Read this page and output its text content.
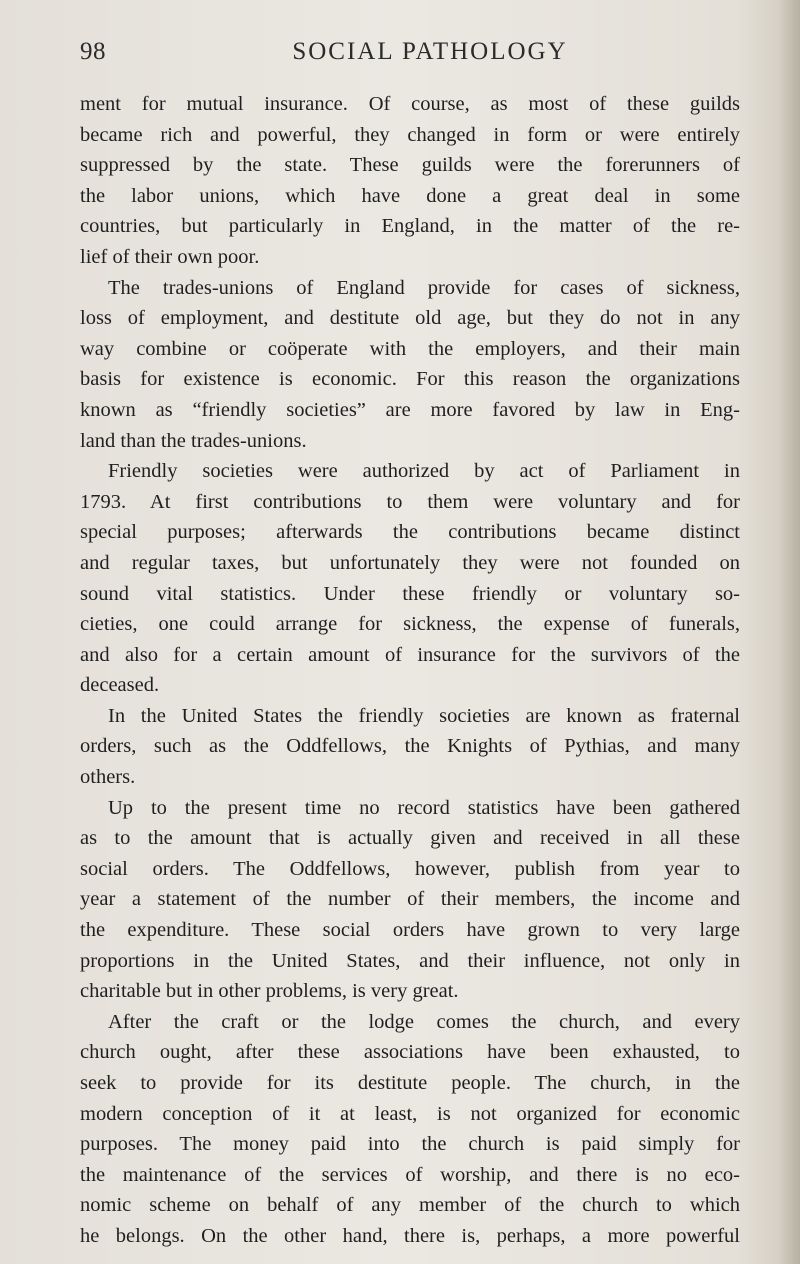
98	SOCIAL PATHOLOGY
ment for mutual insurance. Of course, as most of these guilds
became rich and powerful, they changed in form or were entirely
suppressed by the state. These guilds were the forerunners of
the labor unions, which have done a great deal in some
countries, but particularly in England, in the matter of the re-
lief of their own poor.
The trades-unions of England provide for cases of sickness,
loss of employment, and destitute old age, but they do not in any
way combine or coöperate with the employers, and their main
basis for existence is economic. For this reason the organizations
known as “friendly societies” are more favored by law in Eng-
land than the trades-unions.
Friendly societies were authorized by act of Parliament in
1793. At first contributions to them were voluntary and for
special purposes; afterwards the contributions became distinct
and regular taxes, but unfortunately they were not founded on
sound vital statistics. Under these friendly or voluntary so-
cieties, one could arrange for sickness, the expense of funerals,
and also for a certain amount of insurance for the survivors of the
deceased.
In the United States the friendly societies are known as fraternal
orders, such as the Oddfellows, the Knights of Pythias, and many
others.
Up to the present time no record statistics have been gathered
as to the amount that is actually given and received in all these
social orders. The Oddfellows, however, publish from year to
year a statement of the number of their members, the income and
the expenditure. These social orders have grown to very large
proportions in the United States, and their influence, not only in
charitable but in other problems, is very great.
After the craft or the lodge comes the church, and every
church ought, after these associations have been exhausted, to
seek to provide for its destitute people. The church, in the
modern conception of it at least, is not organized for economic
purposes. The money paid into the church is paid simply for
the maintenance of the services of worship, and there is no eco-
nomic scheme on behalf of any member of the church to which
he belongs. On the other hand, there is, perhaps, a more powerful
